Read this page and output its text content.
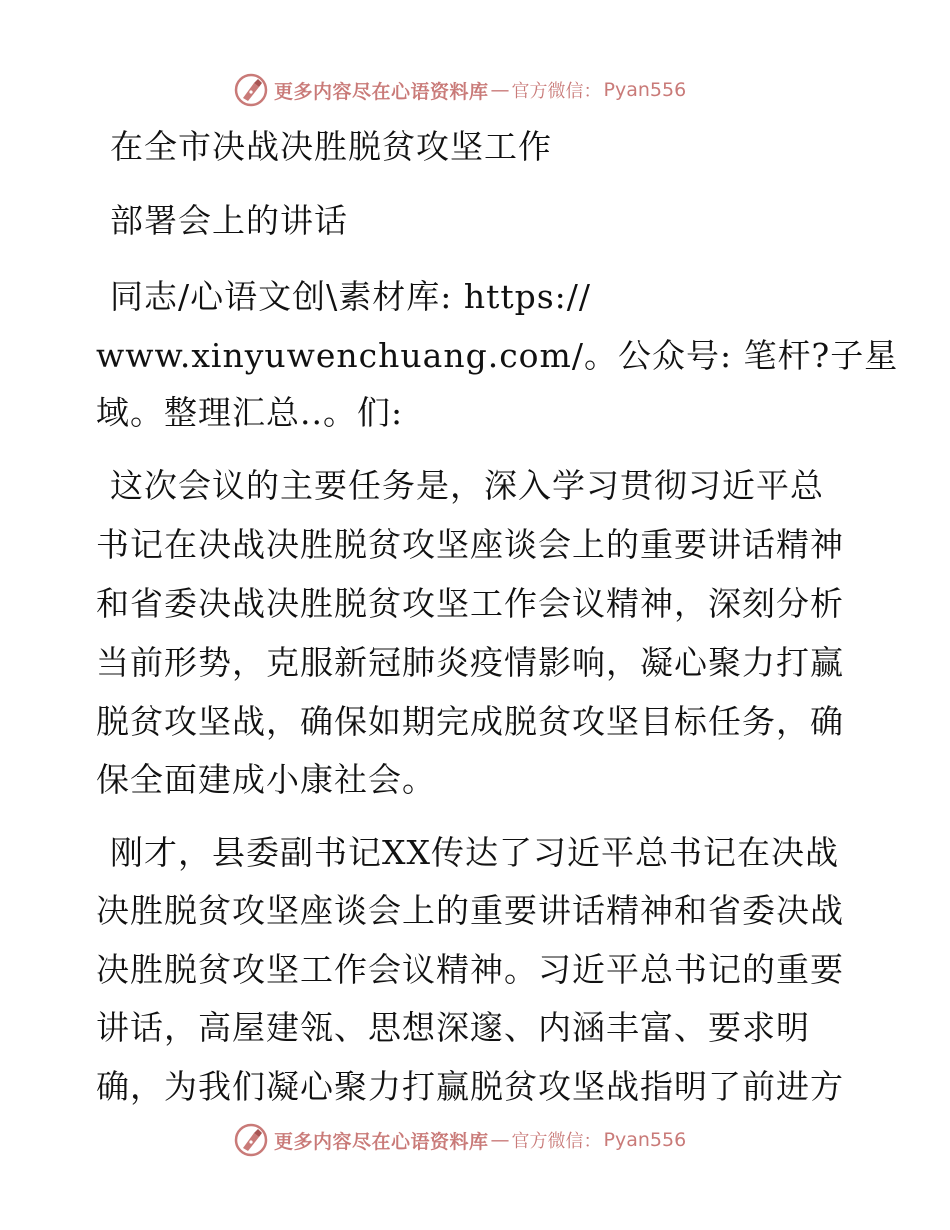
更多内容尽在心语资料库 — 官方微信： Pyan556
在全市决战决胜脱贫攻坚工作
部署会上的讲话
同志/心语文创\素材库: https://
www.xinyuwenchuang.com/。公众号: 笔杆?子星
域。整理汇总..。们:
这次会议的主要任务是，深入学习贯彻习近平总
书记在决战决胜脱贫攻坚座谈会上的重要讲话精神
和省委决战决胜脱贫攻坚工作会议精神，深刻分析
当前形势，克服新冠肺炎疫情影响，凝心聚力打赢
脱贫攻坚战，确保如期完成脱贫攻坚目标任务，确
保全面建成小康社会。
刚才，县委副书记XX传达了习近平总书记在决战
决胜脱贫攻坚座谈会上的重要讲话精神和省委决战
决胜脱贫攻坚工作会议精神。习近平总书记的重要
讲话，高屋建瓴、思想深邃、内涵丰富、要求明
确，为我们凝心聚力打赢脱贫攻坚战指明了前进方
更多内容尽在心语资料库 — 官方微信： Pyan556
